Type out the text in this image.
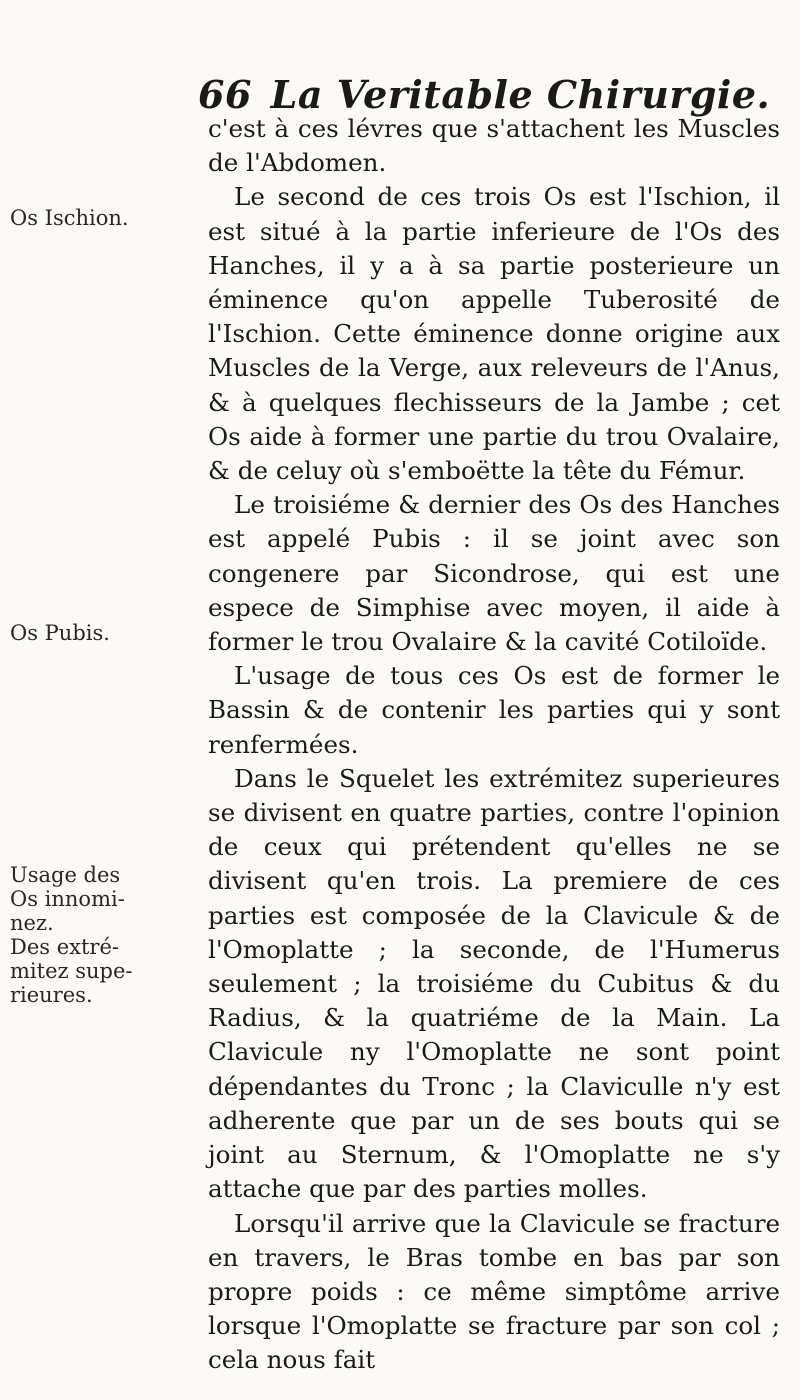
66 La Veritable Chirurgie.
Os Ischion.
Os Pubis.
Usage des
Os innomi-
nez.
Des extré-
mitez supe-
rieures.

c'est à ces lévres que s'attachent les Muscles de l'Abdomen.

Le second de ces trois Os est l'Ischion, il est situé à la partie inferieure de l'Os des Hanches, il y a à sa partie posterieure un éminence qu'on appelle Tuberosité de l'Ischion. Cette éminence donne origine aux Muscles de la Verge, aux releveurs de l'Anus, & à quelques flechisseurs de la Jambe ; cet Os aide à former une partie du trou Ovalaire, & de celuy où s'emboëtte la tête du Fémur.

Le troisiéme & dernier des Os des Hanches est appelé Pubis : il se joint avec son congenere par Sicondrose, qui est une espece de Simphise avec moyen, il aide à former le trou Ovalaire & la cavité Cotiloïde.

L'usage de tous ces Os est de former le Bassin & de contenir les parties qui y sont renfermées.

Dans le Squelet les extrémitez superieures se divisent en quatre parties, contre l'opinion de ceux qui prétendent qu'elles ne se divisent qu'en trois. La premiere de ces parties est composée de la Clavicule & de l'Omoplatte ; la seconde, de l'Humerus seulement ; la troisiéme du Cubitus & du Radius, & la quatriéme de la Main. La Clavicule ny l'Omoplatte ne sont point dépendantes du Tronc ; la Claviculle n'y est adherente que par un de ses bouts qui se joint au Sternum, & l'Omoplatte ne s'y attache que par des parties molles.

Lorsqu'il arrive que la Clavicule se fracture en travers, le Bras tombe en bas par son propre poids : ce même simptôme arrive lorsque l'Omoplatte se fracture par son col ; cela nous fait
